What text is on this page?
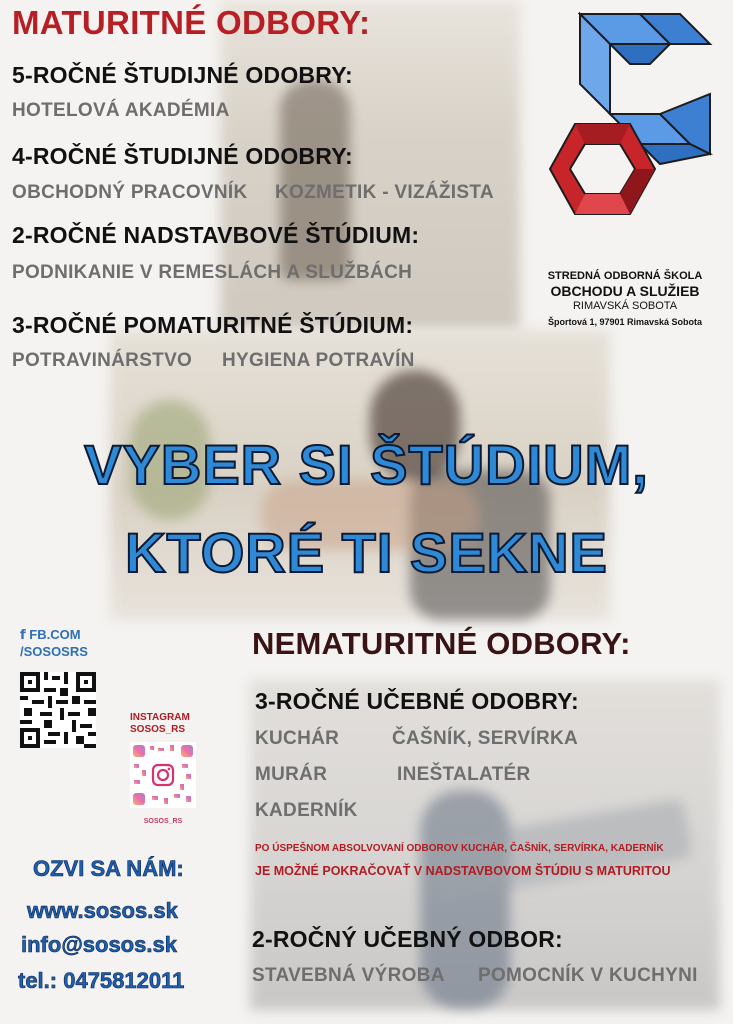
MATURITNÉ ODBORY:
5-ROČNÉ ŠTUDIJNÉ ODOBRY:
HOTELOVÁ AKADÉMIA
4-ROČNÉ ŠTUDIJNÉ ODOBRY:
OBCHODNÝ PRACOVNÍK KOZMETIK - VIZÁŽISTA
2-ROČNÉ NADSTAVBOVÉ ŠTÚDIUM:
PODNIKANIE V REMESLÁCH A SLUŽBÁCH
3-ROČNÉ POMATURITNÉ ŠTÚDIUM:
POTRAVINÁRSTVO HYGIENA POTRAVÍN
STREDNÁ ODBORNÁ ŠKOLA
OBCHODU A SLUŽIEB
RIMAVSKÁ SOBOTA
Športová 1, 97901 Rimavská Sobota
VYBER SI ŠTÚDIUM,
KTORÉ TI SEKNE
f FB.COM
/SOSOSRS
INSTAGRAM
SOSOS_RS
SOSOS_RS
OZVI SA NÁM:
www.sosos.sk
info@sosos.sk
tel.: 0475812011
NEMATURITNÉ ODBORY:
3-ROČNÉ UČEBNÉ ODOBRY:
KUCHÁR	ČAŠNÍK, SERVÍRKA
MURÁR	INEŠTALATÉR
KADERNÍK
PO ÚSPEŠNOM ABSOLVOVANÍ ODBOROV KUCHÁR, ČAŠNÍK, SERVÍRKA, KADERNÍK
JE MOŽNÉ POKRAČOVAŤ V NADSTAVBOVOM ŠTÚDIU S MATURITOU
2-ROČNÝ UČEBNÝ ODBOR:
STAVEBNÁ VÝROBA POMOCNÍK V KUCHYNI
